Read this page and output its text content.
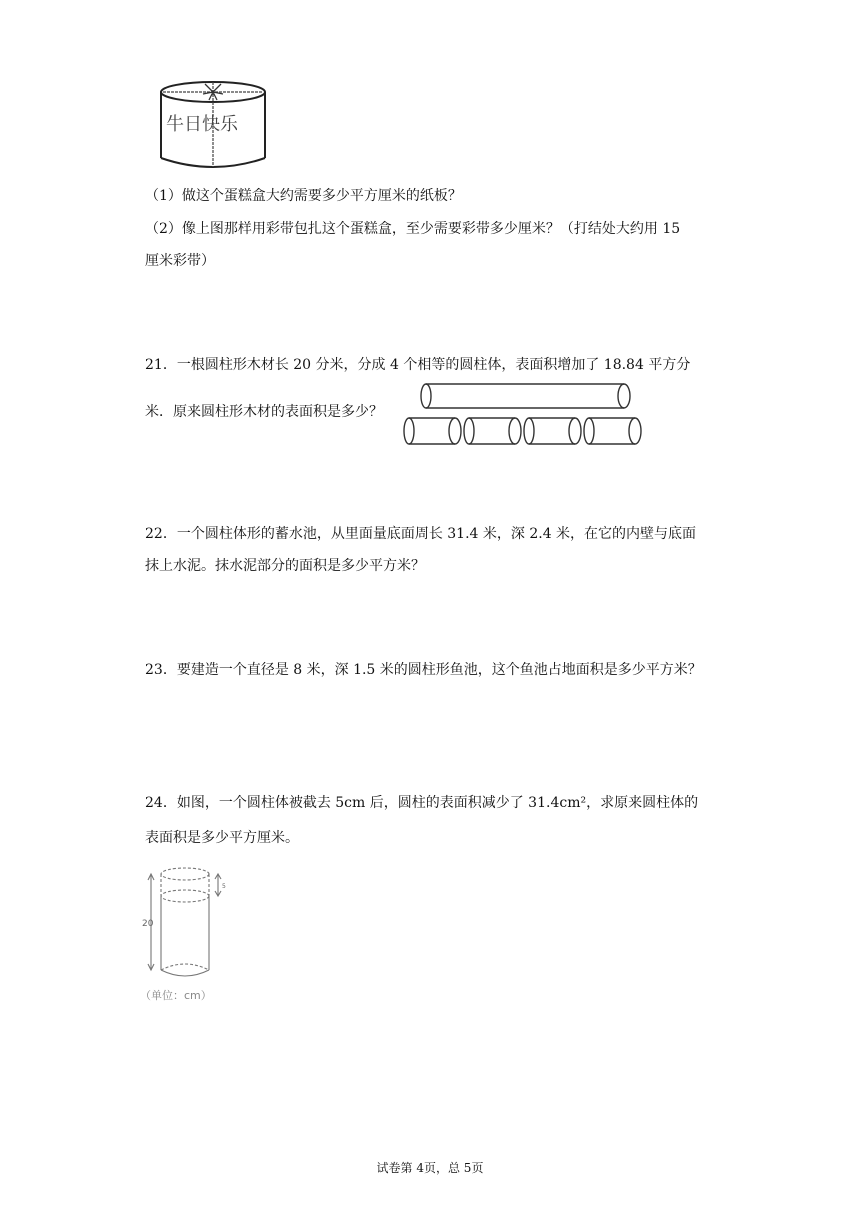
牛日快乐
（1）做这个蛋糕盒大约需要多少平方厘米的纸板？
（2）像上图那样用彩带包扎这个蛋糕盒，至少需要彩带多少厘米？（打结处大约用 15
厘米彩带）
21．一根圆柱形木材长 20 分米，分成 4 个相等的圆柱体，表面积增加了 18.84 平方分
米．原来圆柱形木材的表面积是多少？
22．一个圆柱体形的蓄水池，从里面量底面周长 31.4 米，深 2.4 米，在它的内壁与底面
抹上水泥。抹水泥部分的面积是多少平方米？
23．要建造一个直径是 8 米，深 1.5 米的圆柱形鱼池，这个鱼池占地面积是多少平方米？
24．如图，一个圆柱体被截去 5cm 后，圆柱的表面积减少了 31.4cm²，求原来圆柱体的
表面积是多少平方厘米。
20
5
（单位：cm）
试卷第 4页，总 5页
